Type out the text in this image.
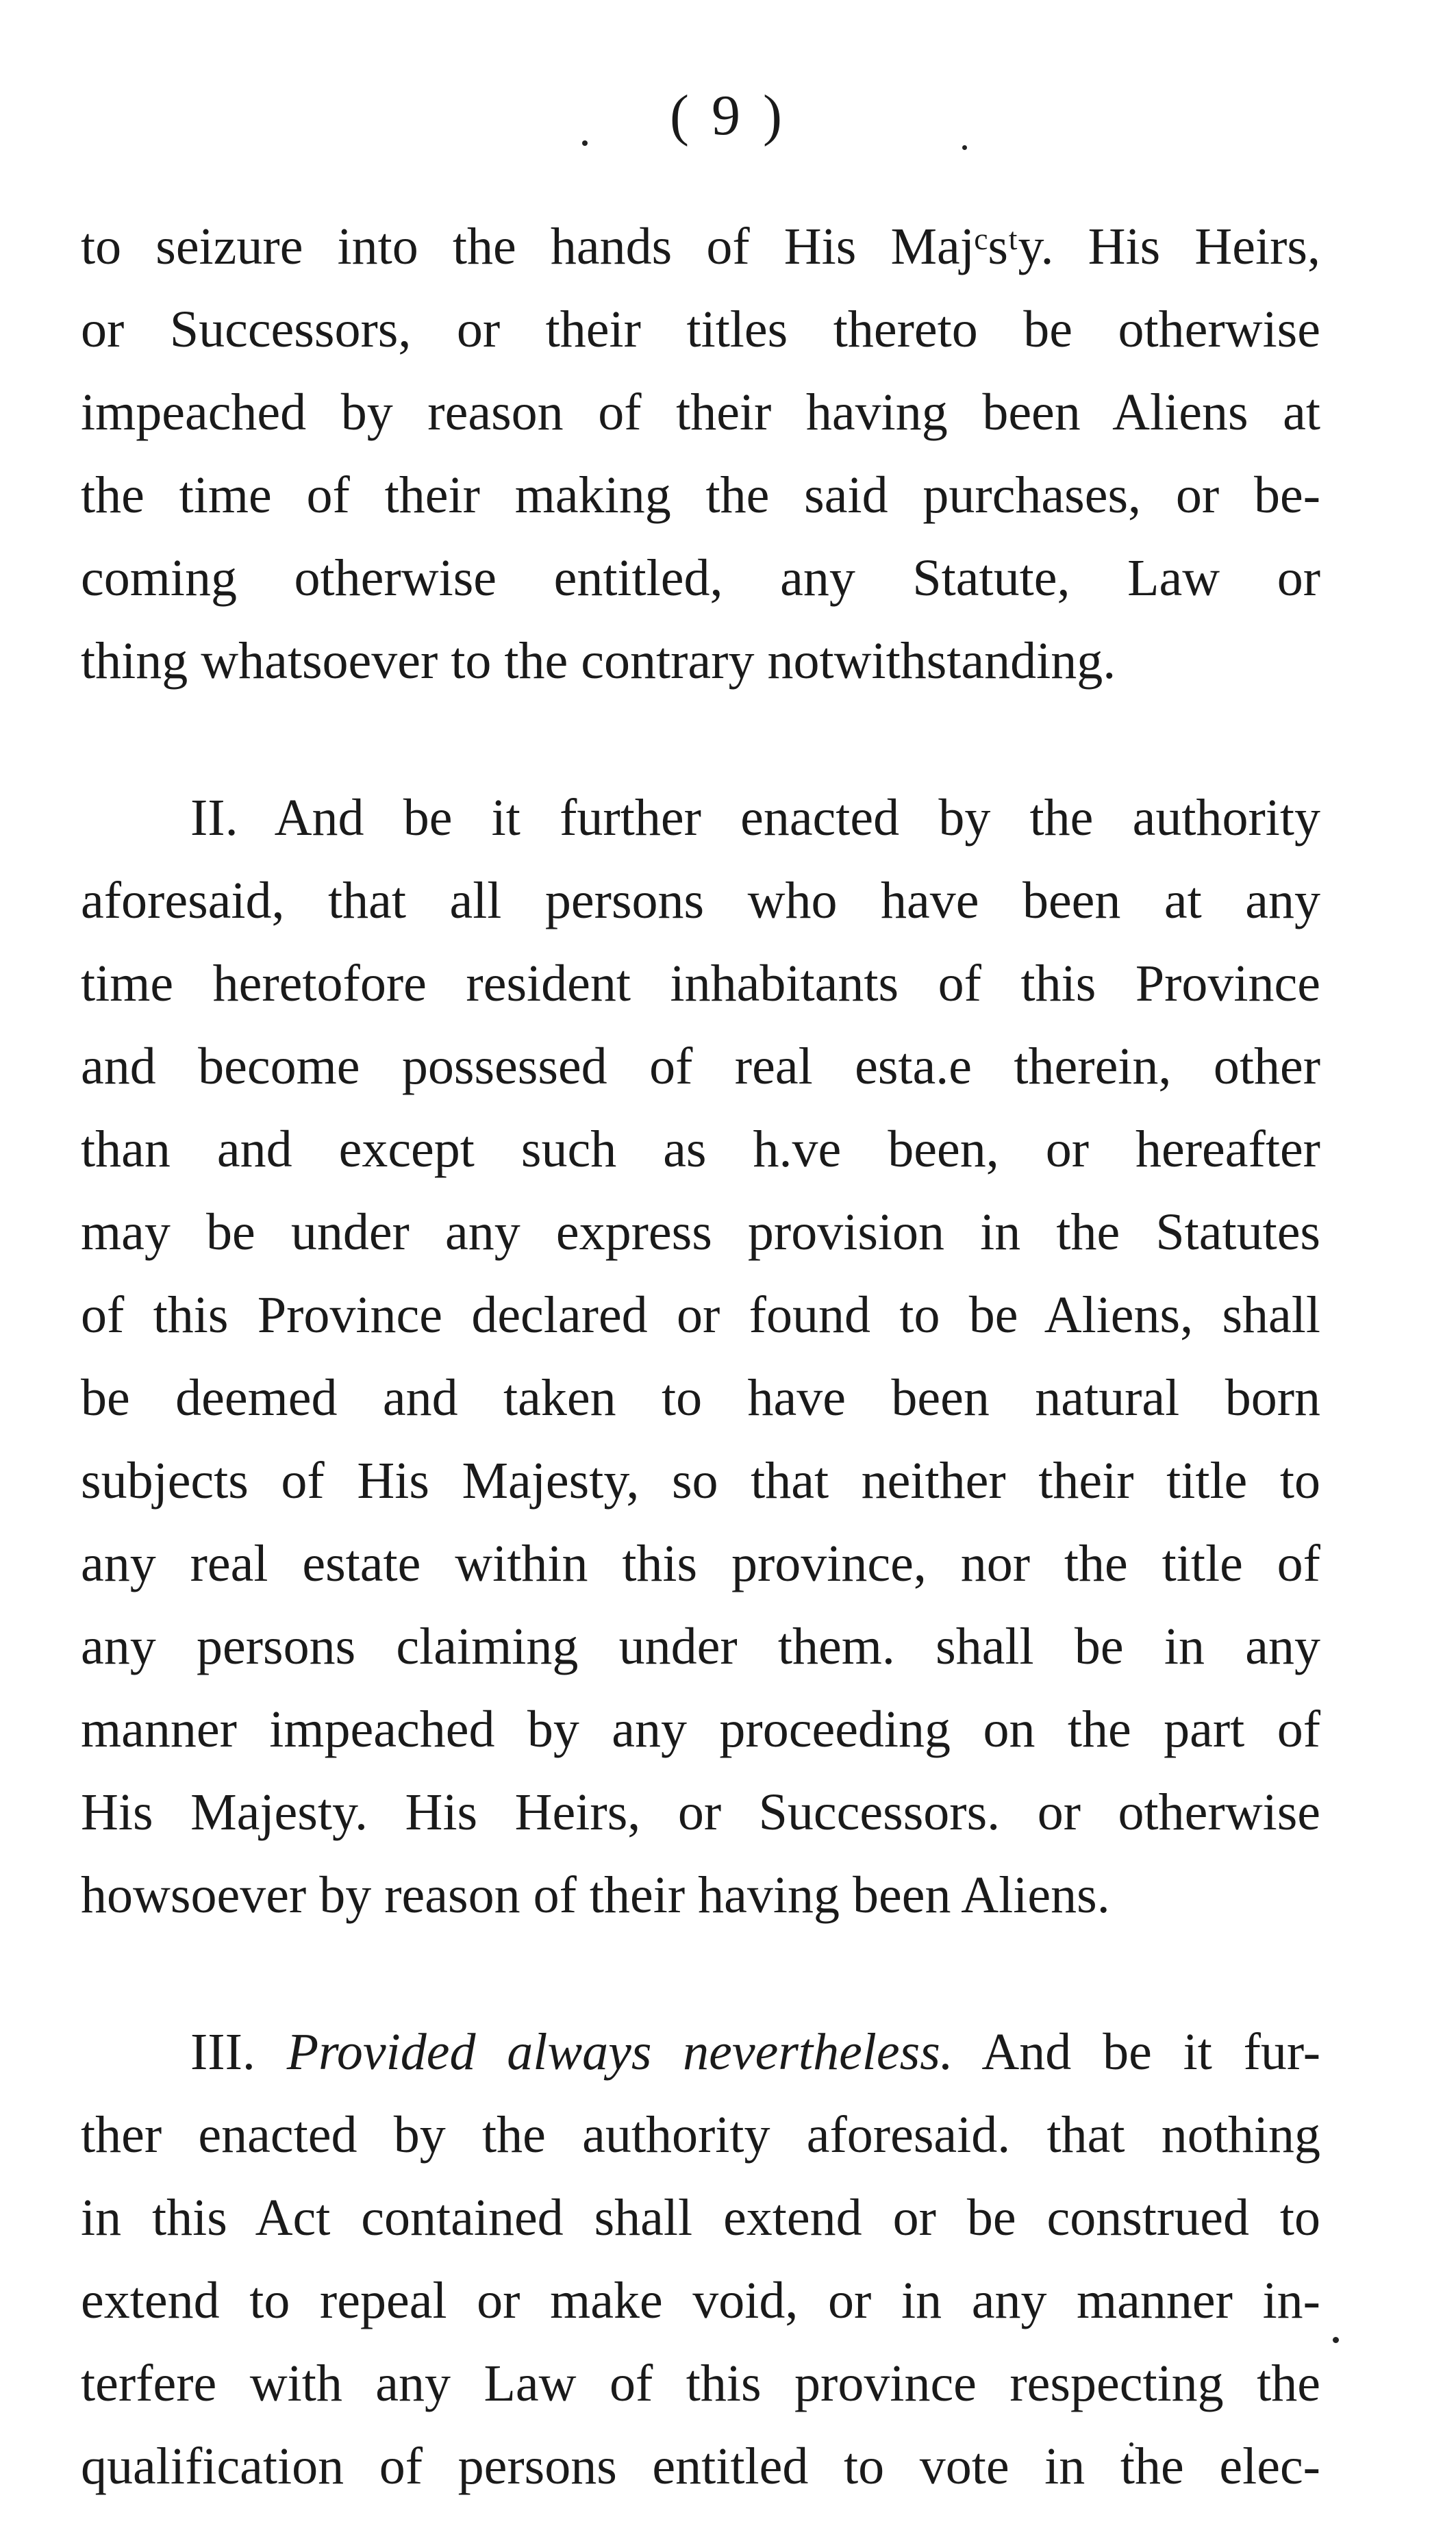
( 9 )

to seizure into the hands of His Majᶜsᵗy. His Heirs,
or Successors, or their titles thereto be otherwise
impeached by reason of their having been Aliens at
the time of their making the said purchases, or be-
coming otherwise entitled, any Statute, Law or
thing whatsoever to the contrary notwithstanding.

II. And be it further enacted by the authority
aforesaid, that all persons who have been at any
time heretofore resident inhabitants of this Province
and become possessed of real esta.e therein, other
than and except such as h.ve been, or hereafter
may be under any express provision in the Statutes
of this Province declared or found to be Aliens, shall
be deemed and taken to have been natural born
subjects of His Majesty, so that neither their title to
any real estate within this province, nor the title of
any persons claiming under them. shall be in any
manner impeached by any proceeding on the part of
His Majesty. His Heirs, or Successors. or otherwise
howsoever by reason of their having been Aliens.

III. Provided always nevertheless. And be it fur-
ther enacted by the authority aforesaid. that nothing
in this Act contained shall extend or be construed to
extend to repeal or make void, or in any manner in-
terfere with any Law of this province respecting the
qualification of persons entitled to vote in the elec-
